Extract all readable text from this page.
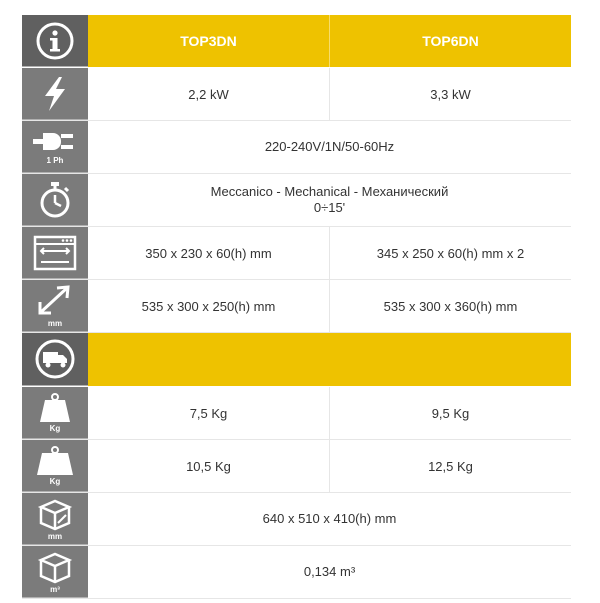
TOP3DN	TOP6DN
2,2 kW	3,3 kW
1 Ph
220-240V/1N/50-60Hz
Meccanico - Mechanical - Механический
0÷15'
350 x 230 x 60(h) mm	345 x 250 x 60(h) mm x 2
mm
535 x 300 x 250(h) mm	535 x 300 x 360(h) mm
Kg
7,5 Kg	9,5 Kg
Kg
10,5 Kg	12,5 Kg
mm
640 x 510 x 410(h) mm
m³
0,134 m³
